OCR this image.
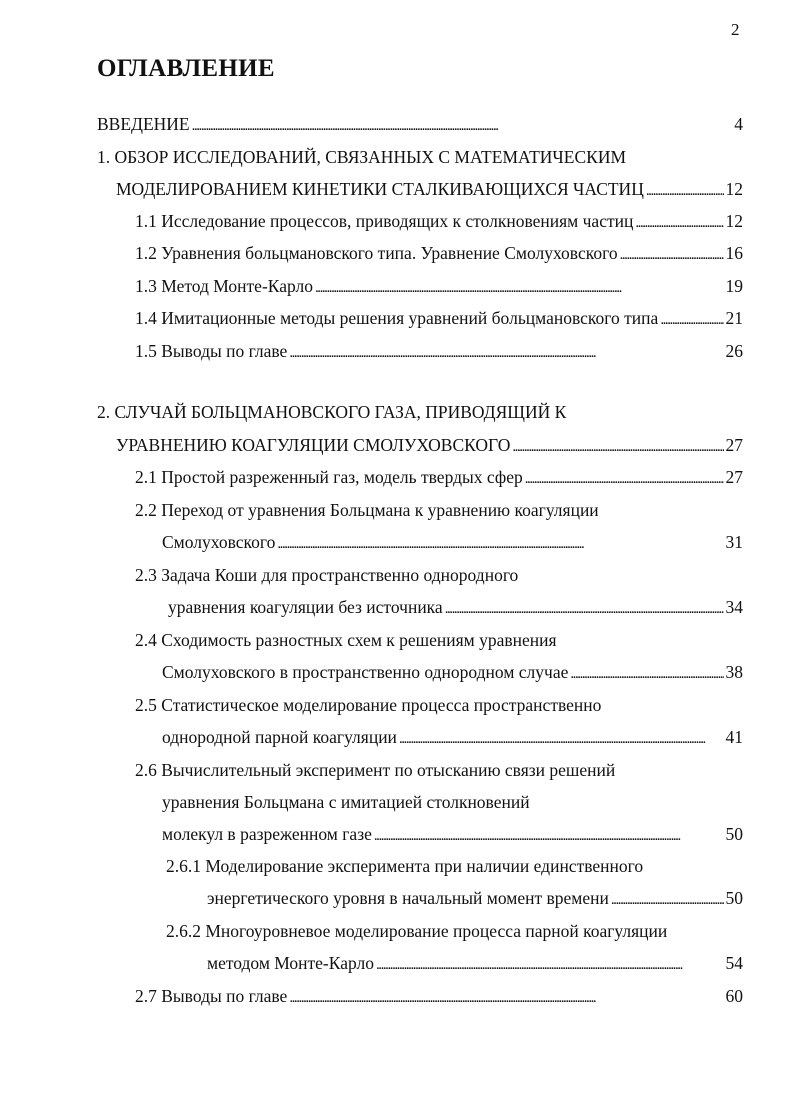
2
ОГЛАВЛЕНИЕ
ВВЕДЕНИЕ . . .	4
1. ОБЗОР ИССЛЕДОВАНИЙ, СВЯЗАННЫХ С МАТЕМАТИЧЕСКИМ
МОДЕЛИРОВАНИЕМ КИНЕТИКИ СТАЛКИВАЮЩИХСЯ ЧАСТИЦ . . .	12
1.1 Исследование процессов, приводящих к столкновениям частиц . . .	12
1.2 Уравнения больцмановского типа. Уравнение Смолуховского . . .	16
1.3 Метод Монте-Карло . . .	19
1.4 Имитационные методы решения уравнений больцмановского типа . . .	21
1.5 Выводы по главе . . .	26
2. СЛУЧАЙ БОЛЬЦМАНОВСКОГО ГАЗА, ПРИВОДЯЩИЙ К
УРАВНЕНИЮ КОАГУЛЯЦИИ СМОЛУХОВСКОГО . . .	27
2.1 Простой разреженный газ, модель твердых сфер . . .	27
2.2 Переход от уравнения Больцмана к уравнению коагуляции
Смолуховского . . .	31
2.3 Задача Коши для пространственно однородного
уравнения коагуляции без источника . . .	34
2.4 Сходимость разностных схем к решениям уравнения
Смолуховского в пространственно однородном случае . . .	38
2.5 Статистическое моделирование процесса пространственно
однородной парной коагуляции . . .	41
2.6 Вычислительный эксперимент по отысканию связи решений
уравнения Больцмана с имитацией столкновений
молекул в разреженном газе . . .	50
2.6.1 Моделирование эксперимента при наличии единственного
энергетического уровня в начальный момент времени . . .	50
2.6.2 Многоуровневое моделирование процесса парной коагуляции
методом Монте-Карло . . .	54
2.7 Выводы по главе . . .	60
